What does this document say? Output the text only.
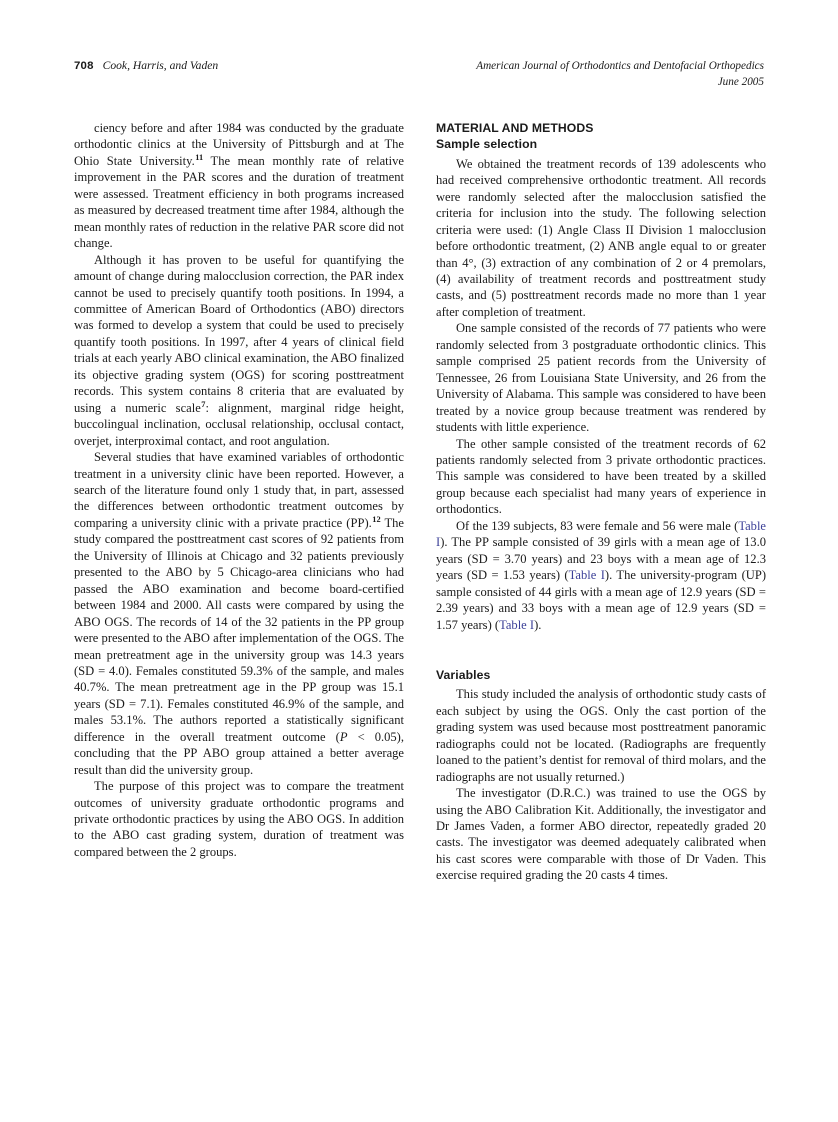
708 Cook, Harris, and Vaden	American Journal of Orthodontics and Dentofacial Orthopedics
June 2005

ciency before and after 1984 was conducted by the graduate orthodontic clinics at the University of Pittsburgh and at The Ohio State University.$^{11}$ The mean monthly rate of relative improvement in the PAR scores and the duration of treatment were assessed. Treatment efficiency in both programs increased as measured by decreased treatment time after 1984, although the mean monthly rates of reduction in the relative PAR score did not change.

Although it has proven to be useful for quantifying the amount of change during malocclusion correction, the PAR index cannot be used to precisely quantify tooth positions. In 1994, a committee of American Board of Orthodontics (ABO) directors was formed to develop a system that could be used to precisely quantify tooth positions. In 1997, after 4 years of clinical field trials at each yearly ABO clinical examination, the ABO finalized its objective grading system (OGS) for scoring posttreatment records. This system contains 8 criteria that are evaluated by using a numeric scale$^7$: alignment, marginal ridge height, buccolingual inclination, occlusal relationship, occlusal contact, overjet, interproximal contact, and root angulation.

Several studies that have examined variables of orthodontic treatment in a university clinic have been reported. However, a search of the literature found only 1 study that, in part, assessed the differences between orthodontic treatment outcomes by comparing a university clinic with a private practice (PP).$^{12}$ The study compared the posttreatment cast scores of 92 patients from the University of Illinois at Chicago and 32 patients previously presented to the ABO by 5 Chicago-area clinicians who had passed the ABO examination and become board-certified between 1984 and 2000. All casts were compared by using the ABO OGS. The records of 14 of the 32 patients in the PP group were presented to the ABO after implementation of the OGS. The mean pretreatment age in the university group was 14.3 years (SD = 4.0). Females constituted 59.3% of the sample, and males 40.7%. The mean pretreatment age in the PP group was 15.1 years (SD = 7.1). Females constituted 46.9% of the sample, and males 53.1%. The authors reported a statistically significant difference in the overall treatment outcome (P < 0.05), concluding that the PP ABO group attained a better average result than did the university group.

The purpose of this project was to compare the treatment outcomes of university graduate orthodontic programs and private orthodontic practices by using the ABO OGS. In addition to the ABO cast grading system, duration of treatment was compared between the 2 groups.

MATERIAL AND METHODS
Sample selection

We obtained the treatment records of 139 adolescents who had received comprehensive orthodontic treatment. All records were randomly selected after the malocclusion satisfied the criteria for inclusion into the study. The following selection criteria were used: (1) Angle Class II Division 1 malocclusion before orthodontic treatment, (2) ANB angle equal to or greater than 4°, (3) extraction of any combination of 2 or 4 premolars, (4) availability of treatment records and posttreatment study casts, and (5) posttreatment records made no more than 1 year after completion of treatment.

One sample consisted of the records of 77 patients who were randomly selected from 3 postgraduate orthodontic clinics. This sample comprised 25 patient records from the University of Tennessee, 26 from Louisiana State University, and 26 from the University of Alabama. This sample was considered to have been treated by a novice group because treatment was rendered by students with little experience.

The other sample consisted of the treatment records of 62 patients randomly selected from 3 private orthodontic practices. This sample was considered to have been treated by a skilled group because each specialist had many years of experience in orthodontics.

Of the 139 subjects, 83 were female and 56 were male (Table I). The PP sample consisted of 39 girls with a mean age of 13.0 years (SD = 3.70 years) and 23 boys with a mean age of 12.3 years (SD = 1.53 years) (Table I). The university-program (UP) sample consisted of 44 girls with a mean age of 12.9 years (SD = 2.39 years) and 33 boys with a mean age of 12.9 years (SD = 1.57 years) (Table I).

Variables

This study included the analysis of orthodontic study casts of each subject by using the OGS. Only the cast portion of the grading system was used because most posttreatment panoramic radiographs could not be located. (Radiographs are frequently loaned to the patient’s dentist for removal of third molars, and the radiographs are not usually returned.)

The investigator (D.R.C.) was trained to use the OGS by using the ABO Calibration Kit. Additionally, the investigator and Dr James Vaden, a former ABO director, repeatedly graded 20 casts. The investigator was deemed adequately calibrated when his cast scores were comparable with those of Dr Vaden. This exercise required grading the 20 casts 4 times.
